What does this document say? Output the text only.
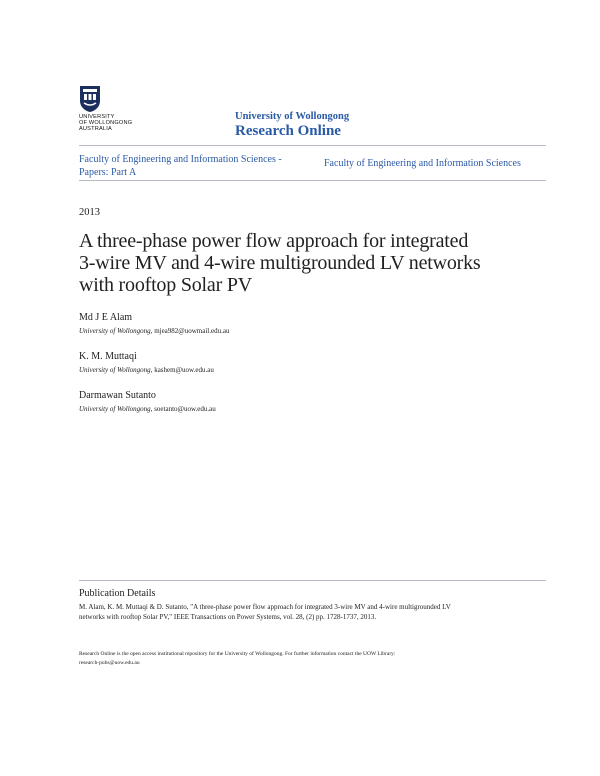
UNIVERSITY
OF WOLLONGONG
AUSTRALIA
University of Wollongong
Research Online
Faculty of Engineering and Information Sciences -
Papers: Part A
Faculty of Engineering and Information Sciences
2013
A three-phase power flow approach for integrated
3-wire MV and 4-wire multigrounded LV networks
with rooftop Solar PV
Md J E Alam
University of Wollongong, mjea982@uowmail.edu.au
K. M. Muttaqi
University of Wollongong, kashem@uow.edu.au
Darmawan Sutanto
University of Wollongong, soetanto@uow.edu.au
Publication Details
M. Alam, K. M. Muttaqi & D. Sutanto, "A three-phase power flow approach for integrated 3-wire MV and 4-wire multigrounded LV
networks with rooftop Solar PV," IEEE Transactions on Power Systems, vol. 28, (2) pp. 1728-1737, 2013.
Research Online is the open access institutional repository for the University of Wollongong. For further information contact the UOW Library:
research-pubs@uow.edu.au
